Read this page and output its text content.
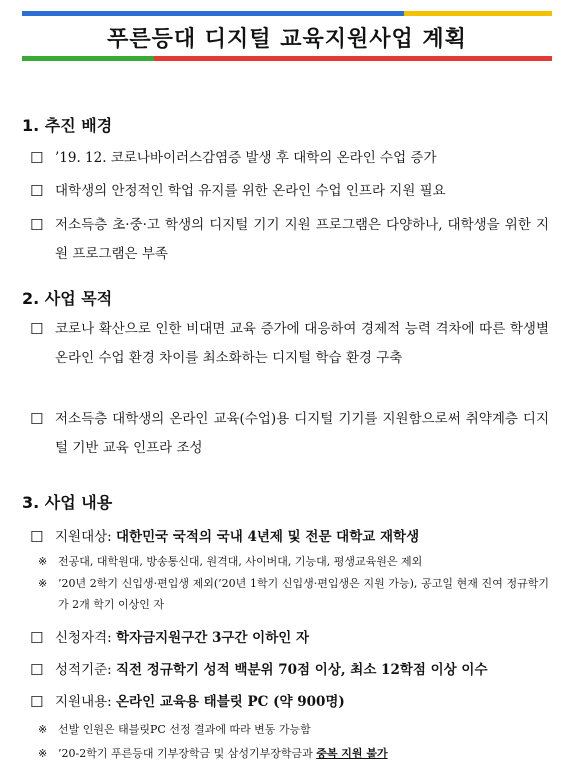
푸른등대 디지털 교육지원사업 계획
1. 추진 배경
☐ ’19. 12. 코로나바이러스감염증 발생 후 대학의 온라인 수업 증가
☐ 대학생의 안정적인 학업 유지를 위한 온라인 수업 인프라 지원 필요
☐ 저소득층 초·중·고 학생의 디지털 기기 지원 프로그램은 다양하나, 대학생을 위한 지원 프로그램은 부족
2. 사업 목적
☐ 코로나 확산으로 인한 비대면 교육 증가에 대응하여 경제적 능력 격차에 따른 학생별 온라인 수업 환경 차이를 최소화하는 디지털 학습 환경 구축
☐ 저소득층 대학생의 온라인 교육(수업)용 디지털 기기를 지원함으로써 취약계층 디지털 기반 교육 인프라 조성
3. 사업 내용
☐ 지원대상: 대한민국 국적의 국내 4년제 및 전문 대학교 재학생
※ 전공대, 대학원대, 방송통신대, 원격대, 사이버대, 기능대, 평생교육원은 제외
※ ’20년 2학기 신입생·편입생 제외(’20년 1학기 신입생·편입생은 지원 가능), 공고일 현재 진여 정규학기가 2개 학기 이상인 자
☐ 신청자격: 학자금지원구간 3구간 이하인 자
☐ 성적기준: 직전 정규학기 성적 백분위 70점 이상, 최소 12학점 이상 이수
☐ 지원내용: 온라인 교육용 태블릿 PC (약 900명)
※ 선발 인원은 태블릿PC 선정 결과에 따라 변동 가능함
※ ’20-2학기 푸른등대 기부장학금 및 삼성기부장학금과 중복 지원 불가
